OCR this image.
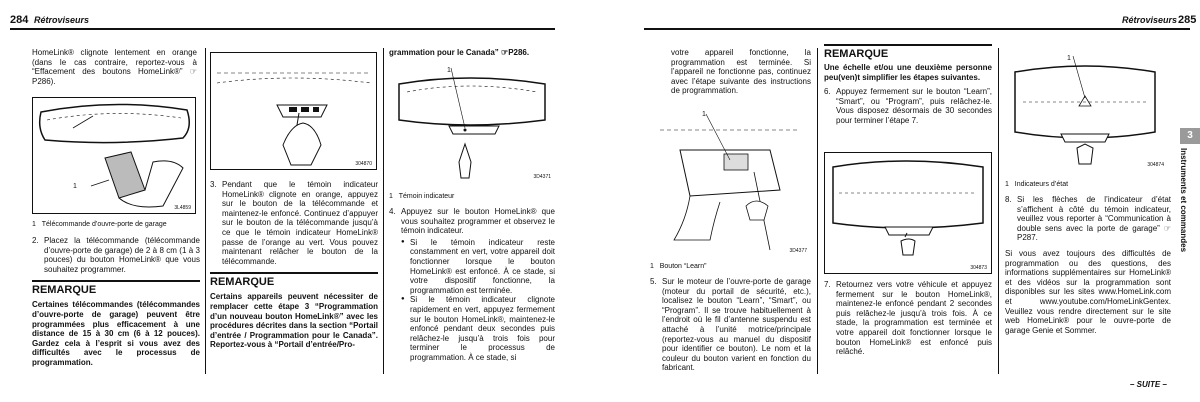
284 Rétroviseurs	Rétroviseurs 285

HomeLink® clignote lentement en orange (dans le cas contraire, reportez-vous à “Effacement des boutons HomeLink®” ☞P286).

1
3L4859

1 Télécommande d’ouvre-porte de garage

2. Placez la télécommande (télécommande d’ouvre-porte de garage) de 2 à 8 cm (1 à 3 pouces) du bouton HomeLink® que vous souhaitez programmer.
REMARQUE

Certaines télécommandes (télécommandes d’ouvre-porte de garage) peuvent être programmées plus efficacement à une distance de 15 à 30 cm (6 à 12 pouces). Gardez cela à l’esprit si vous avez des difficultés avec le processus de programmation.

304870
3. Pendant que le témoin indicateur HomeLink® clignote en orange, appuyez sur le bouton de la télécommande et maintenez-le enfoncé. Continuez d’appuyer sur le bouton de la télécommande jusqu’à ce que le témoin indicateur HomeLink® passe de l’orange au vert. Vous pouvez maintenant relâcher le bouton de la télécommande.
REMARQUE

Certains appareils peuvent nécessiter de remplacer cette étape 3 “Programmation d’un nouveau bouton HomeLink®” avec les procédures décrites dans la section “Portail d’entrée / Programmation pour le Canada”. Reportez-vous à “Portail d’entrée/Pro-

grammation pour le Canada” ☞P286.

1
3D4371

1 Témoin indicateur

4. Appuyez sur le bouton HomeLink® que vous souhaitez programmer et observez le témoin indicateur.
● Si le témoin indicateur reste constamment en vert, votre appareil doit fonctionner lorsque le bouton HomeLink® est enfoncé. À ce stade, si votre dispositif fonctionne, la programmation est terminée.
● Si le témoin indicateur clignote rapidement en vert, appuyez fermement sur le bouton HomeLink®, maintenez-le enfoncé pendant deux secondes puis relâchez-le jusqu’à trois fois pour terminer le processus de programmation. À ce stade, si

votre appareil fonctionne, la programmation est terminée. Si l’appareil ne fonctionne pas, continuez avec l’étape suivante des instructions de programmation.

1
3D4377

1 Bouton “Learn”

5. Sur le moteur de l’ouvre-porte de garage (moteur du portail de sécurité, etc.), localisez le bouton “Learn”, “Smart”, ou “Program”. Il se trouve habituellement à l’endroit où le fil d’antenne suspendu est attaché à l’unité motrice/principale (reportez-vous au manuel du dispositif pour identifier ce bouton). Le nom et la couleur du bouton varient en fonction du fabricant.
REMARQUE

Une échelle et/ou une deuxième personne peu(ven)t simplifier les étapes suivantes.

6. Appuyez fermement sur le bouton “Learn”, “Smart”, ou “Program”, puis relâchez-le. Vous disposez désormais de 30 secondes pour terminer l’étape 7.
304873
7. Retournez vers votre véhicule et appuyez fermement sur le bouton HomeLink®, maintenez-le enfoncé pendant 2 secondes puis relâchez-le jusqu’à trois fois. À ce stade, la programmation est terminée et votre appareil doit fonctionner lorsque le bouton HomeLink® est enfoncé puis relâché.
1
304874

1 Indicateurs d’état

8. Si les flèches de l’indicateur d’état s’affichent à côté du témoin indicateur, veuillez vous reporter à “Communication à double sens avec la porte de garage” ☞P287.

Si vous avez toujours des difficultés de programmation ou des questions, des informations supplémentaires sur HomeLink® et des vidéos sur la programmation sont disponibles sur les sites www.HomeLink.com et www.youtube.com/HomeLinkGentex. Veuillez vous rendre directement sur le site web HomeLink® pour le ouvre-porte de garage Genie et Sommer.

– SUITE –
3
Instruments et commandes
